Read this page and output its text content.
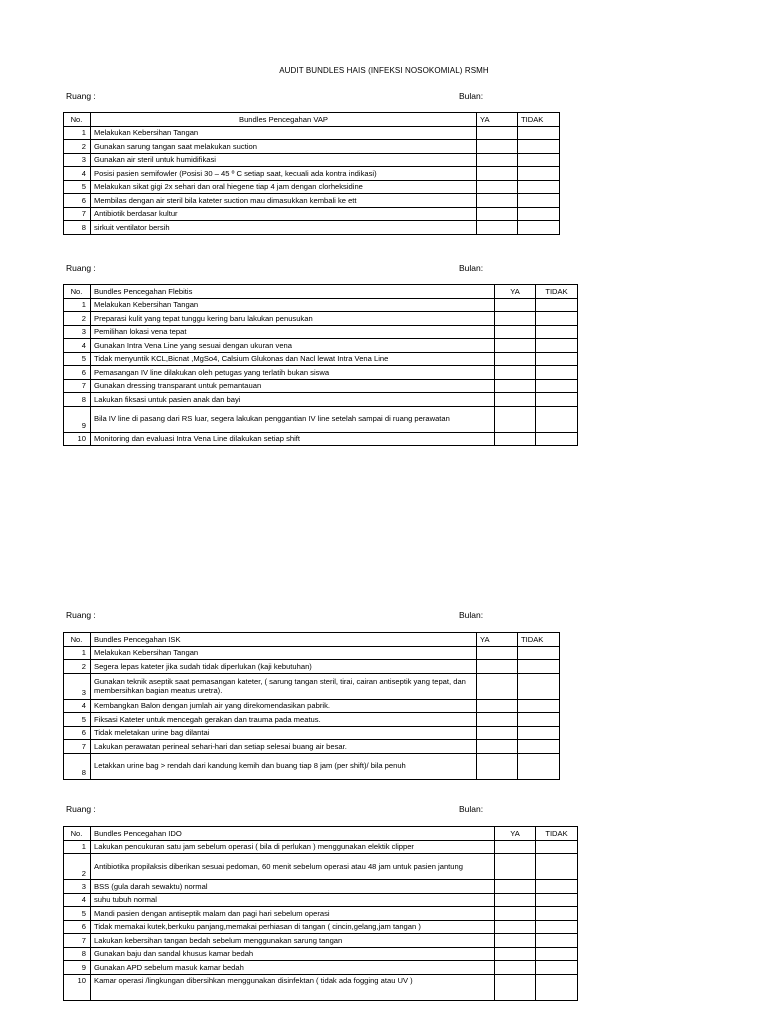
AUDIT BUNDLES HAIS (INFEKSI NOSOKOMIAL) RSMH
Ruang :	Bulan:
No.	Bundles Pencegahan VAP	YA	TIDAK
1	Melakukan Kebersihan Tangan		
2	Gunakan sarung tangan saat melakukan suction		
3	Gunakan air steril untuk humidifikasi		
4	Posisi pasien semifowler (Posisi 30 – 45 º C setiap saat, kecuali ada kontra indikasi)		
5	Melakukan sikat gigi 2x sehari dan oral hiegene tiap 4 jam dengan clorheksidine		
6	Membilas dengan air steril bila kateter suction mau dimasukkan kembali ke ett		
7	Antibiotik berdasar kultur		
8	sirkuit ventilator bersih		
Ruang :	Bulan:
No.	Bundles Pencegahan Flebitis	YA	TIDAK
1	Melakukan Kebersihan Tangan		
2	Preparasi kulit yang tepat tunggu kering baru lakukan penusukan		
3	Pemilihan lokasi vena tepat		
4	Gunakan Intra Vena Line yang sesuai dengan ukuran vena		
5	Tidak menyuntik KCL,Bicnat ,MgSo4, Calsium Glukonas dan Nacl lewat Intra Vena Line		
6	Pemasangan IV line dilakukan oleh petugas yang terlatih bukan siswa		
7	Gunakan dressing transparant untuk pemantauan		
8	Lakukan fiksasi untuk pasien anak dan bayi		
9	Bila IV line di pasang dari RS luar, segera lakukan penggantian IV line setelah sampai di ruang perawatan		
10	Monitoring dan evaluasi Intra Vena Line dilakukan setiap shift		
Ruang :	Bulan:
No.	Bundles Pencegahan ISK	YA	TIDAK
1	Melakukan Kebersihan Tangan		
2	Segera lepas kateter jika sudah tidak diperlukan (kaji kebutuhan)		
3	Gunakan teknik aseptik saat pemasangan kateter, ( sarung tangan steril, tirai, cairan antiseptik yang tepat, dan membersihkan bagian meatus uretra).		
4	Kembangkan Balon dengan jumlah air yang direkomendasikan pabrik.		
5	Fiksasi Kateter untuk mencegah gerakan dan trauma pada meatus.		
6	Tidak meletakan urine bag dilantai		
7	Lakukan perawatan perineal sehari-hari dan setiap selesai buang air besar.		
8	Letakkan urine bag > rendah dari kandung kemih dan buang tiap 8 jam (per shift)/ bila penuh		
Ruang :	Bulan:
No.	Bundles Pencegahan IDO	YA	TIDAK
1	Lakukan pencukuran satu jam sebelum operasi ( bila di perlukan ) menggunakan elektik clipper		
2	Antibiotika propilaksis diberikan sesuai pedoman, 60 menit sebelum operasi atau 48 jam untuk pasien jantung		
3	BSS (gula darah sewaktu) normal		
4	suhu tubuh normal		
5	Mandi pasien dengan antiseptik malam dan pagi hari sebelum operasi		
6	Tidak memakai kutek,berkuku panjang,memakai perhiasan di tangan ( cincin,gelang,jam tangan )		
7	Lakukan kebersihan tangan bedah sebelum menggunakan sarung tangan		
8	Gunakan baju dan sandal khusus kamar bedah		
9	Gunakan APD sebelum masuk kamar bedah		
10	Kamar operasi /lingkungan dibersihkan menggunakan disinfektan ( tidak ada fogging atau UV )		
